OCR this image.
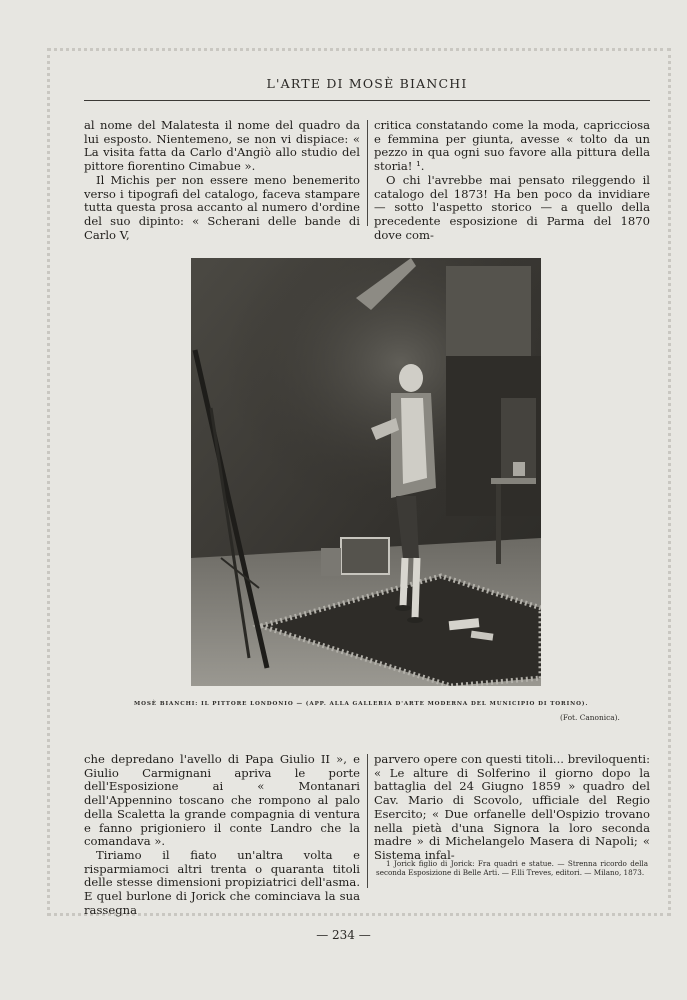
L'ARTE DI MOSÈ BIANCHI

al nome del Malatesta il nome del quadro da lui esposto. Nientemeno, se non vi dispiace: « La visita fatta da Carlo d'Angiò allo studio del pittore fiorentino Cimabue ».

Il Michis per non essere meno benemerito verso i tipografi del catalogo, faceva stampare tutta questa prosa accanto al numero d'ordine del suo dipinto: « Scherani delle bande di Carlo V,

critica constatando come la moda, capricciosa e femmina per giunta, avesse « tolto da un pezzo in qua ogni suo favore alla pittura della storia! ¹.

O chi l'avrebbe mai pensato rileggendo il catalogo del 1873! Ha ben poco da invidiare — sotto l'aspetto storico — a quello della precedente esposizione di Parma del 1870 dove com-

MOSÈ BIANCHI: IL PITTORE LONDONIO — (APP. ALLA GALLERIA D'ARTE MODERNA DEL MUNICIPIO DI TORINO).
(Fot. Canonica).

che depredano l'avello di Papa Giulio II », e Giulio Carmignani apriva le porte dell'Esposizione ai « Montanari dell'Appennino toscano che rompono al palo della Scaletta la grande compagnia di ventura e fanno prigioniero il conte Landro che la comandava ».

Tiriamo il fiato un'altra volta e risparmiamoci altri trenta o quaranta titoli delle stesse dimensioni propiziatrici dell'asma. E quel burlone di Jorick che cominciava la sua rassegna

parvero opere con questi titoli... breviloquenti: « Le alture di Solferino il giorno dopo la battaglia del 24 Giugno 1859 » quadro del Cav. Mario di Scovolo, ufficiale del Regio Esercito; « Due orfanelle dell'Ospizio trovano nella pietà d'una Signora la loro seconda madre » di Michelangelo Masera di Napoli; « Sistema infal-

1 Jorick figlio di Jorick: Fra quadri e statue. — Strenna ricordo della seconda Esposizione di Belle Arti. — F.lli Treves, editori. — Milano, 1873.

— 234 —
